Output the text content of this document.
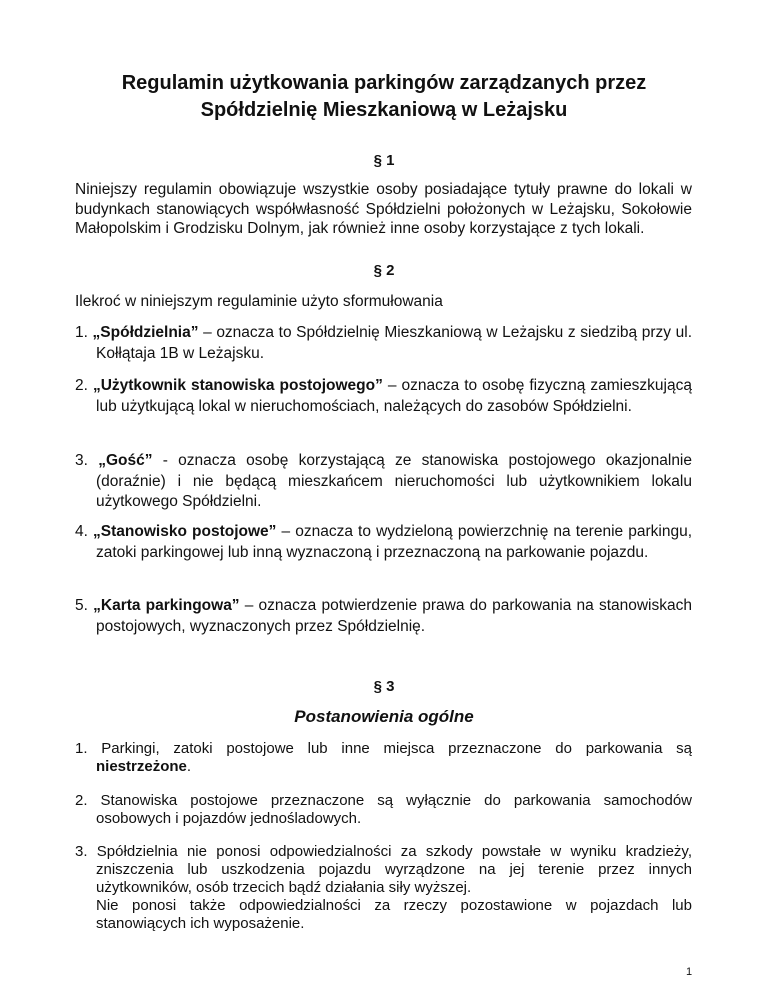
Regulamin użytkowania parkingów zarządzanych przez
Spółdzielnię Mieszkaniową w Leżajsku
§ 1
Niniejszy regulamin obowiązuje wszystkie osoby posiadające tytuły prawne do lokali w budynkach stanowiących współwłasność Spółdzielni położonych w Leżajsku, Sokołowie Małopolskim i Grodzisku Dolnym, jak również inne osoby korzystające z tych lokali.
§ 2
Ilekroć w niniejszym regulaminie użyto sformułowania
1. „Spółdzielnia” – oznacza to Spółdzielnię Mieszkaniową w Leżajsku z siedzibą przy ul. Kołłątaja 1B w Leżajsku.
2. „Użytkownik stanowiska postojowego” – oznacza to osobę fizyczną zamieszkującą lub użytkującą lokal w nieruchomościach, należących do zasobów Spółdzielni.
3. „Gość” - oznacza osobę korzystającą ze stanowiska postojowego okazjonalnie (doraźnie) i nie będącą mieszkańcem nieruchomości lub użytkownikiem lokalu użytkowego Spółdzielni.
4. „Stanowisko postojowe” – oznacza to wydzieloną powierzchnię na terenie parkingu, zatoki parkingowej lub inną wyznaczoną i przeznaczoną na parkowanie pojazdu.
5. „Karta parkingowa” – oznacza potwierdzenie prawa do parkowania na stanowiskach postojowych, wyznaczonych przez Spółdzielnię.
§ 3
Postanowienia ogólne
1. Parkingi, zatoki postojowe lub inne miejsca przeznaczone do parkowania są niestrzeżone.
2. Stanowiska postojowe przeznaczone są wyłącznie do parkowania samochodów osobowych i pojazdów jednośladowych.
3. Spółdzielnia nie ponosi odpowiedzialności za szkody powstałe w wyniku kradzieży, zniszczenia lub uszkodzenia pojazdu wyrządzone na jej terenie przez innych użytkowników, osób trzecich bądź działania siły wyższej.
Nie ponosi także odpowiedzialności za rzeczy pozostawione w pojazdach lub stanowiących ich wyposażenie.
1
